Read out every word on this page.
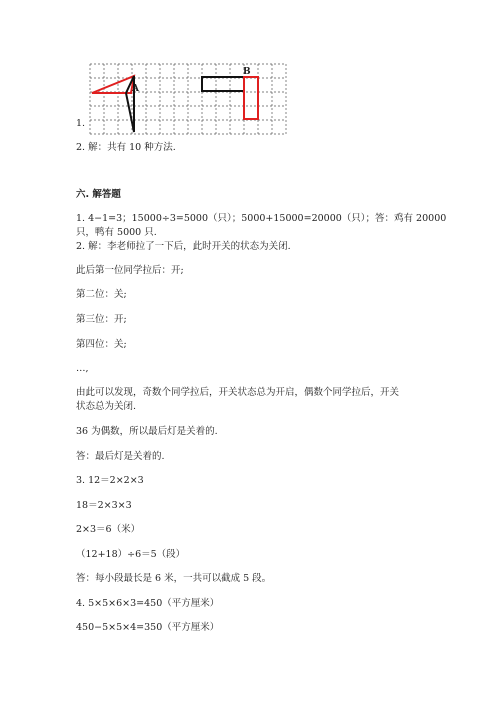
A
B
1.
2. 解：共有 10 种方法.
六. 解答题
1. 4−1=3；15000÷3=5000（只）；5000+15000=20000（只）；答：鸡有 20000
只，鸭有 5000 只.
2. 解：李老师拉了一下后，此时开关的状态为关闭.
此后第一位同学拉后：开;
第二位：关;
第三位：开;
第四位：关;
…,
由此可以发现，奇数个同学拉后，开关状态总为开启，偶数个同学拉后，开关
状态总为关闭.
36 为偶数，所以最后灯是关着的.
答：最后灯是关着的.
3. 12＝2×2×3
18＝2×3×3
2×3＝6（米）
（12+18）÷6＝5（段）
答：每小段最长是 6 米，一共可以截成 5 段。
4. 5×5×6×3=450（平方厘米）
450−5×5×4=350（平方厘米）
